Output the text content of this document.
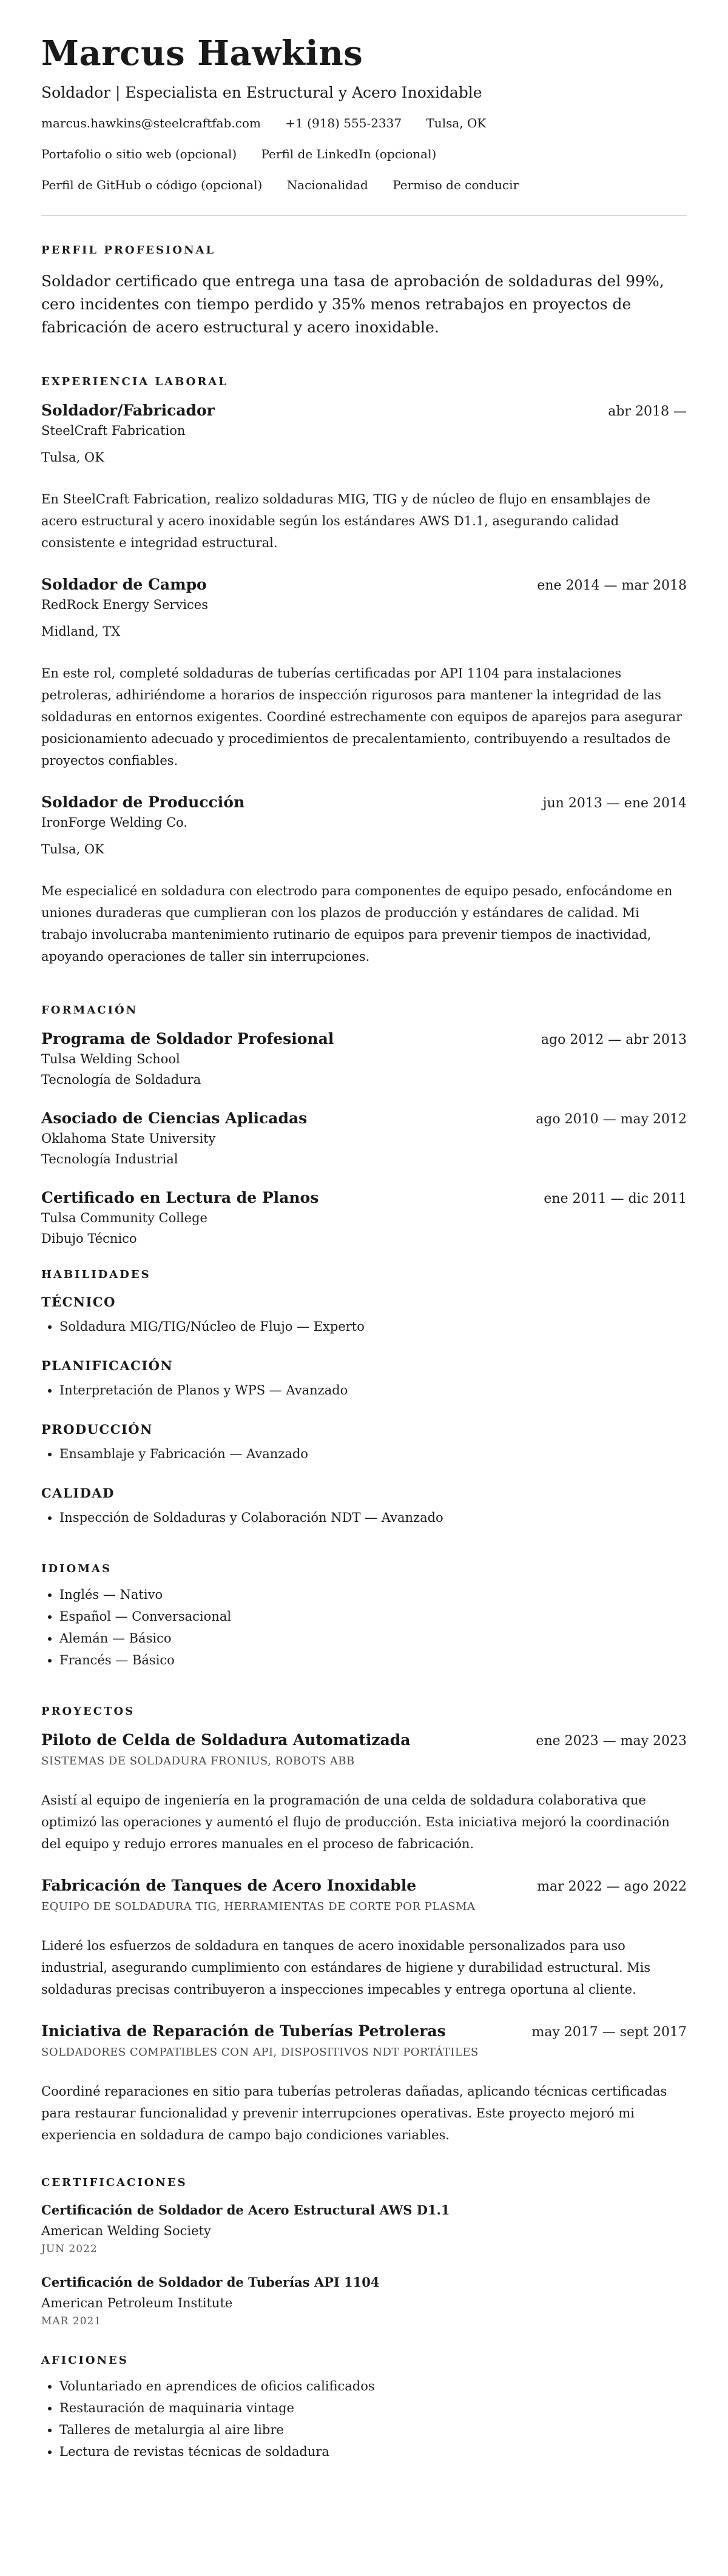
Marcus Hawkins
Soldador | Especialista en Estructural y Acero Inoxidable
marcus.hawkins@steelcraftfab.com +1 (918) 555-2337 Tulsa, OK
Portafolio o sitio web (opcional) Perfil de LinkedIn (opcional)
Perfil de GitHub o código (opcional) Nacionalidad Permiso de conducir
PERFIL PROFESIONAL

Soldador certificado que entrega una tasa de aprobación de soldaduras del 99%, cero incidentes con tiempo perdido y 35% menos retrabajos en proyectos de fabricación de acero estructural y acero inoxidable.

EXPERIENCIA LABORAL
Soldador/Fabricador	abr 2018 —
SteelCraft Fabrication
Tulsa, OK

En SteelCraft Fabrication, realizo soldaduras MIG, TIG y de núcleo de flujo en ensamblajes de acero estructural y acero inoxidable según los estándares AWS D1.1, asegurando calidad consistente e integridad estructural.

Soldador de Campo	ene 2014 — mar 2018
RedRock Energy Services
Midland, TX

En este rol, completé soldaduras de tuberías certificadas por API 1104 para instalaciones petroleras, adhiriéndome a horarios de inspección rigurosos para mantener la integridad de las soldaduras en entornos exigentes. Coordiné estrechamente con equipos de aparejos para asegurar posicionamiento adecuado y procedimientos de precalentamiento, contribuyendo a resultados de proyectos confiables.

Soldador de Producción	jun 2013 — ene 2014
IronForge Welding Co.
Tulsa, OK

Me especialicé en soldadura con electrodo para componentes de equipo pesado, enfocándome en uniones duraderas que cumplieran con los plazos de producción y estándares de calidad. Mi trabajo involucraba mantenimiento rutinario de equipos para prevenir tiempos de inactividad, apoyando operaciones de taller sin interrupciones.

FORMACIÓN
Programa de Soldador Profesional	ago 2012 — abr 2013
Tulsa Welding School
Tecnología de Soldadura
Asociado de Ciencias Aplicadas	ago 2010 — may 2012
Oklahoma State University
Tecnología Industrial
Certificado en Lectura de Planos	ene 2011 — dic 2011
Tulsa Community College
Dibujo Técnico
HABILIDADES
TÉCNICO
• Soldadura MIG/TIG/Núcleo de Flujo — Experto
PLANIFICACIÓN
• Interpretación de Planos y WPS — Avanzado
PRODUCCIÓN
• Ensamblaje y Fabricación — Avanzado
CALIDAD
• Inspección de Soldaduras y Colaboración NDT — Avanzado
IDIOMAS
• Inglés — Nativo
• Español — Conversacional
• Alemán — Básico
• Francés — Básico
PROYECTOS
Piloto de Celda de Soldadura Automatizada	ene 2023 — may 2023
SISTEMAS DE SOLDADURA FRONIUS, ROBOTS ABB

Asistí al equipo de ingeniería en la programación de una celda de soldadura colaborativa que optimizó las operaciones y aumentó el flujo de producción. Esta iniciativa mejoró la coordinación del equipo y redujo errores manuales en el proceso de fabricación.

Fabricación de Tanques de Acero Inoxidable	mar 2022 — ago 2022
EQUIPO DE SOLDADURA TIG, HERRAMIENTAS DE CORTE POR PLASMA

Lideré los esfuerzos de soldadura en tanques de acero inoxidable personalizados para uso industrial, asegurando cumplimiento con estándares de higiene y durabilidad estructural. Mis soldaduras precisas contribuyeron a inspecciones impecables y entrega oportuna al cliente.

Iniciativa de Reparación de Tuberías Petroleras	may 2017 — sept 2017
SOLDADORES COMPATIBLES CON API, DISPOSITIVOS NDT PORTÁTILES

Coordiné reparaciones en sitio para tuberías petroleras dañadas, aplicando técnicas certificadas para restaurar funcionalidad y prevenir interrupciones operativas. Este proyecto mejoró mi experiencia en soldadura de campo bajo condiciones variables.

CERTIFICACIONES
Certificación de Soldador de Acero Estructural AWS D1.1
American Welding Society
JUN 2022
Certificación de Soldador de Tuberías API 1104
American Petroleum Institute
MAR 2021
AFICIONES
• Voluntariado en aprendices de oficios calificados
• Restauración de maquinaria vintage
• Talleres de metalurgia al aire libre
• Lectura de revistas técnicas de soldadura
